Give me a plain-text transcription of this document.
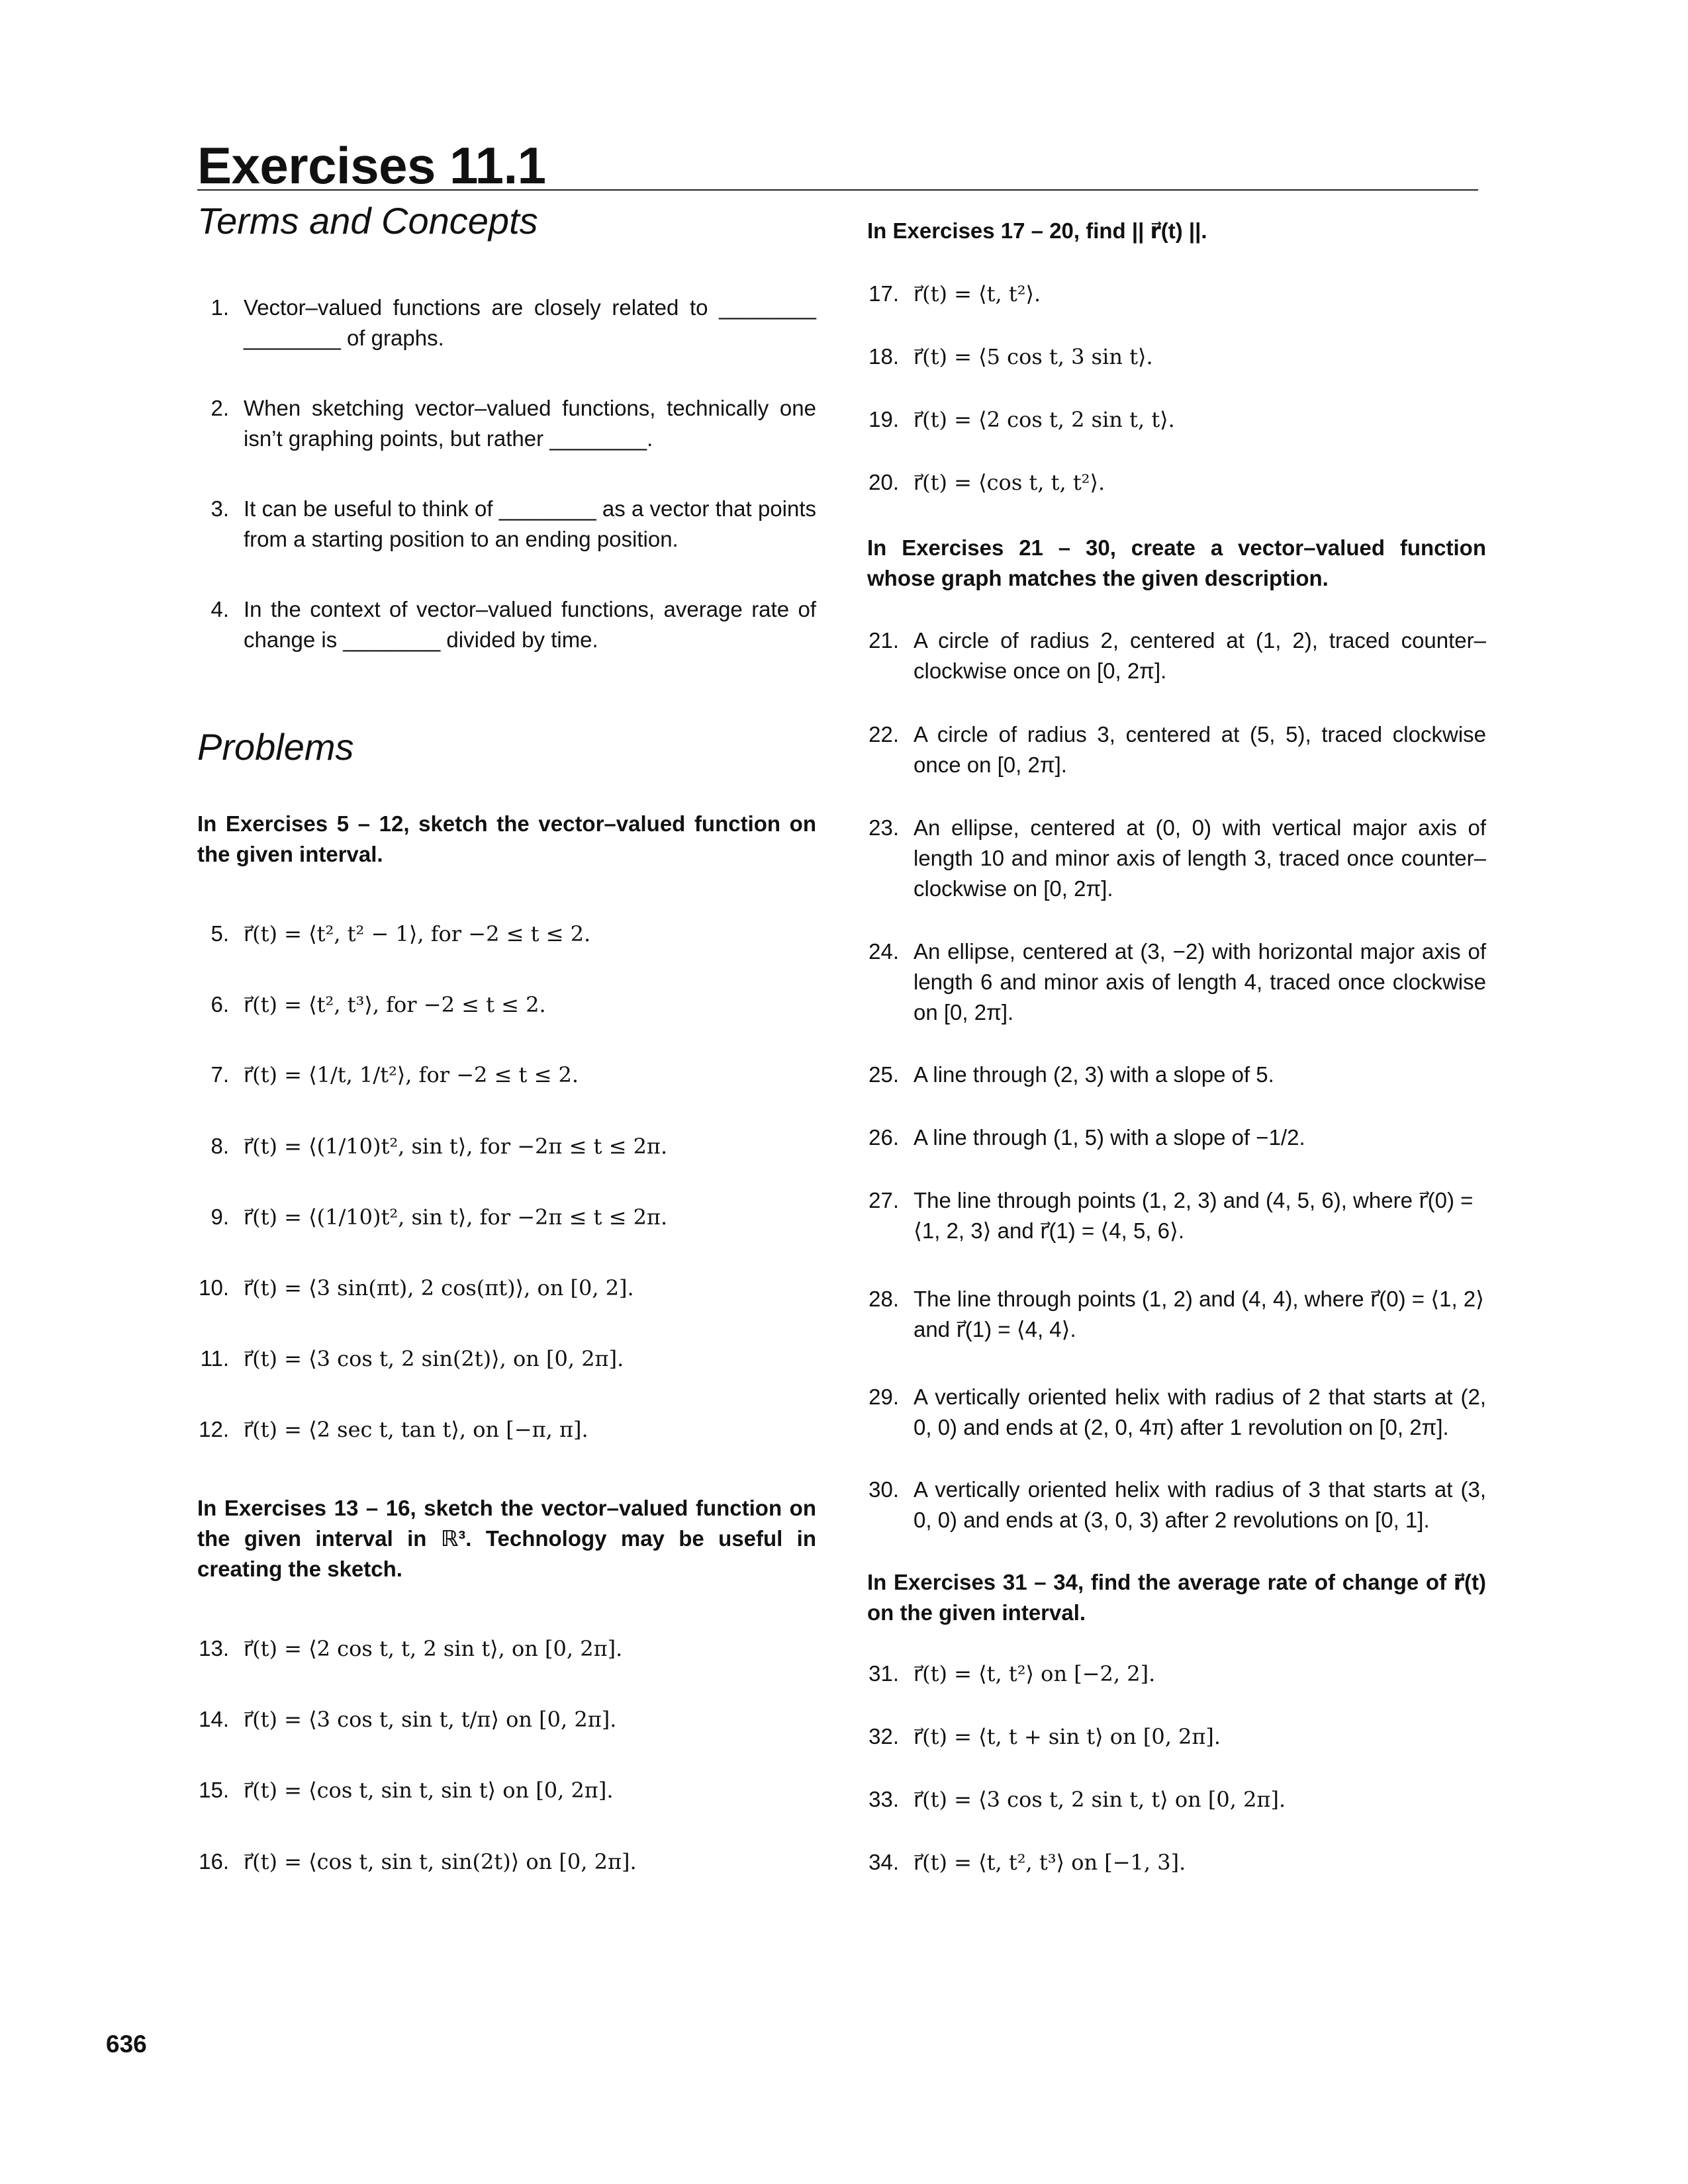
Exercises 11.1
Terms and Concepts
1. Vector–valued functions are closely related to ________ ________ of graphs.
2. When sketching vector–valued functions, technically one isn’t graphing points, but rather ________.
3. It can be useful to think of ________ as a vector that points from a starting position to an ending position.
4. In the context of vector–valued functions, average rate of change is ________ divided by time.
Problems
In Exercises 5 – 12, sketch the vector–valued function on the given interval.
5. r⃗(t) = ⟨t², t² − 1⟩, for −2 ≤ t ≤ 2.
6. r⃗(t) = ⟨t², t³⟩, for −2 ≤ t ≤ 2.
7. r⃗(t) = ⟨1/t, 1/t²⟩, for −2 ≤ t ≤ 2.
8. r⃗(t) = ⟨(1/10)t², sin t⟩, for −2π ≤ t ≤ 2π.
9. r⃗(t) = ⟨(1/10)t², sin t⟩, for −2π ≤ t ≤ 2π.
10. r⃗(t) = ⟨3 sin(πt), 2 cos(πt)⟩, on [0, 2].
11. r⃗(t) = ⟨3 cos t, 2 sin(2t)⟩, on [0, 2π].
12. r⃗(t) = ⟨2 sec t, tan t⟩, on [−π, π].
In Exercises 13 – 16, sketch the vector–valued function on the given interval in ℝ³. Technology may be useful in creating the sketch.
13. r⃗(t) = ⟨2 cos t, t, 2 sin t⟩, on [0, 2π].
14. r⃗(t) = ⟨3 cos t, sin t, t/π⟩ on [0, 2π].
15. r⃗(t) = ⟨cos t, sin t, sin t⟩ on [0, 2π].
16. r⃗(t) = ⟨cos t, sin t, sin(2t)⟩ on [0, 2π].
In Exercises 17 – 20, find || r⃗(t) ||.
17. r⃗(t) = ⟨t, t²⟩.
18. r⃗(t) = ⟨5 cos t, 3 sin t⟩.
19. r⃗(t) = ⟨2 cos t, 2 sin t, t⟩.
20. r⃗(t) = ⟨cos t, t, t²⟩.
In Exercises 21 – 30, create a vector–valued function whose graph matches the given description.
21. A circle of radius 2, centered at (1, 2), traced counter–clockwise once on [0, 2π].
22. A circle of radius 3, centered at (5, 5), traced clockwise once on [0, 2π].
23. An ellipse, centered at (0, 0) with vertical major axis of length 10 and minor axis of length 3, traced once counter–clockwise on [0, 2π].
24. An ellipse, centered at (3, −2) with horizontal major axis of length 6 and minor axis of length 4, traced once clockwise on [0, 2π].
25. A line through (2, 3) with a slope of 5.
26. A line through (1, 5) with a slope of −1/2.
27. The line through points (1, 2, 3) and (4, 5, 6), where r⃗(0) = ⟨1, 2, 3⟩ and r⃗(1) = ⟨4, 5, 6⟩.
28. The line through points (1, 2) and (4, 4), where r⃗(0) = ⟨1, 2⟩ and r⃗(1) = ⟨4, 4⟩.
29. A vertically oriented helix with radius of 2 that starts at (2, 0, 0) and ends at (2, 0, 4π) after 1 revolution on [0, 2π].
30. A vertically oriented helix with radius of 3 that starts at (3, 0, 0) and ends at (3, 0, 3) after 2 revolutions on [0, 1].
In Exercises 31 – 34, find the average rate of change of r⃗(t) on the given interval.
31. r⃗(t) = ⟨t, t²⟩ on [−2, 2].
32. r⃗(t) = ⟨t, t + sin t⟩ on [0, 2π].
33. r⃗(t) = ⟨3 cos t, 2 sin t, t⟩ on [0, 2π].
34. r⃗(t) = ⟨t, t², t³⟩ on [−1, 3].
636
